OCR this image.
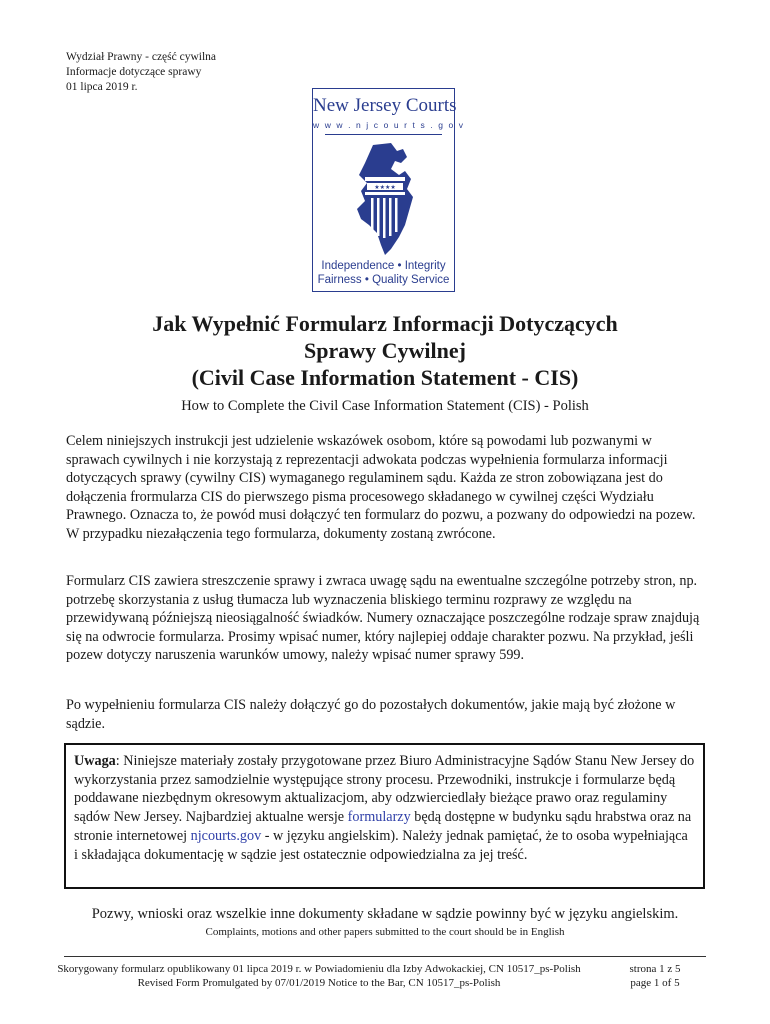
Wydział Prawny - część cywilna
Informacje dotyczące sprawy
01 lipca 2019 r.
New Jersey Courts
w w w . n j c o u r t s . g o v
★★★★
Independence • Integrity
Fairness • Quality Service
Jak Wypełnić Formularz Informacji Dotyczących
Sprawy Cywilnej
(Civil Case Information Statement - CIS)
How to Complete the Civil Case Information Statement (CIS) - Polish
Celem niniejszych instrukcji jest udzielenie wskazówek osobom, które są powodami lub pozwanymi w sprawach cywilnych i nie korzystają z reprezentacji adwokata podczas wypełnienia formularza informacji dotyczących sprawy (cywilny CIS) wymaganego regulaminem sądu. Każda ze stron zobowiązana jest do dołączenia frormularza CIS do pierwszego pisma procesowego składanego w cywilnej części Wydziału Prawnego. Oznacza to, że powód musi dołączyć ten formularz do pozwu, a pozwany do odpowiedzi na pozew. W przypadku niezałączenia tego formularza, dokumenty zostaną zwrócone.
Formularz CIS zawiera streszczenie sprawy i zwraca uwagę sądu na ewentualne szczególne potrzeby stron, np. potrzebę skorzystania z usług tłumacza lub wyznaczenia bliskiego terminu rozprawy ze względu na przewidywaną późniejszą nieosiągalność świadków. Numery oznaczające poszczególne rodzaje spraw znajdują się na odwrocie formularza. Prosimy wpisać numer, który najlepiej oddaje charakter pozwu. Na przykład, jeśli pozew dotyczy naruszenia warunków umowy, należy wpisać numer sprawy 599.
Po wypełnieniu formularza CIS należy dołączyć go do pozostałych dokumentów, jakie mają być złożone w sądzie.
Uwaga: Niniejsze materiały zostały przygotowane przez Biuro Administracyjne Sądów Stanu New Jersey do wykorzystania przez samodzielnie występujące strony procesu. Przewodniki, instrukcje i formularze będą poddawane niezbędnym okresowym aktualizacjom, aby odzwierciedlały bieżące prawo oraz regulaminy sądów New Jersey. Najbardziej aktualne wersje formularzy będą dostępne w budynku sądu hrabstwa oraz na stronie internetowej njcourts.gov - w języku angielskim). Należy jednak pamiętać, że to osoba wypełniająca i składająca dokumentację w sądzie jest ostatecznie odpowiedzialna za jej treść.
Pozwy, wnioski oraz wszelkie inne dokumenty składane w sądzie powinny być w języku angielskim.
Complaints, motions and other papers submitted to the court should be in English
Skorygowany formularz opublikowany 01 lipca 2019 r. w Powiadomieniu dla Izby Adwokackiej, CN 10517_ps-Polish
Revised Form Promulgated by 07/01/2019 Notice to the Bar, CN 10517_ps-Polish
strona 1 z 5
page 1 of 5
